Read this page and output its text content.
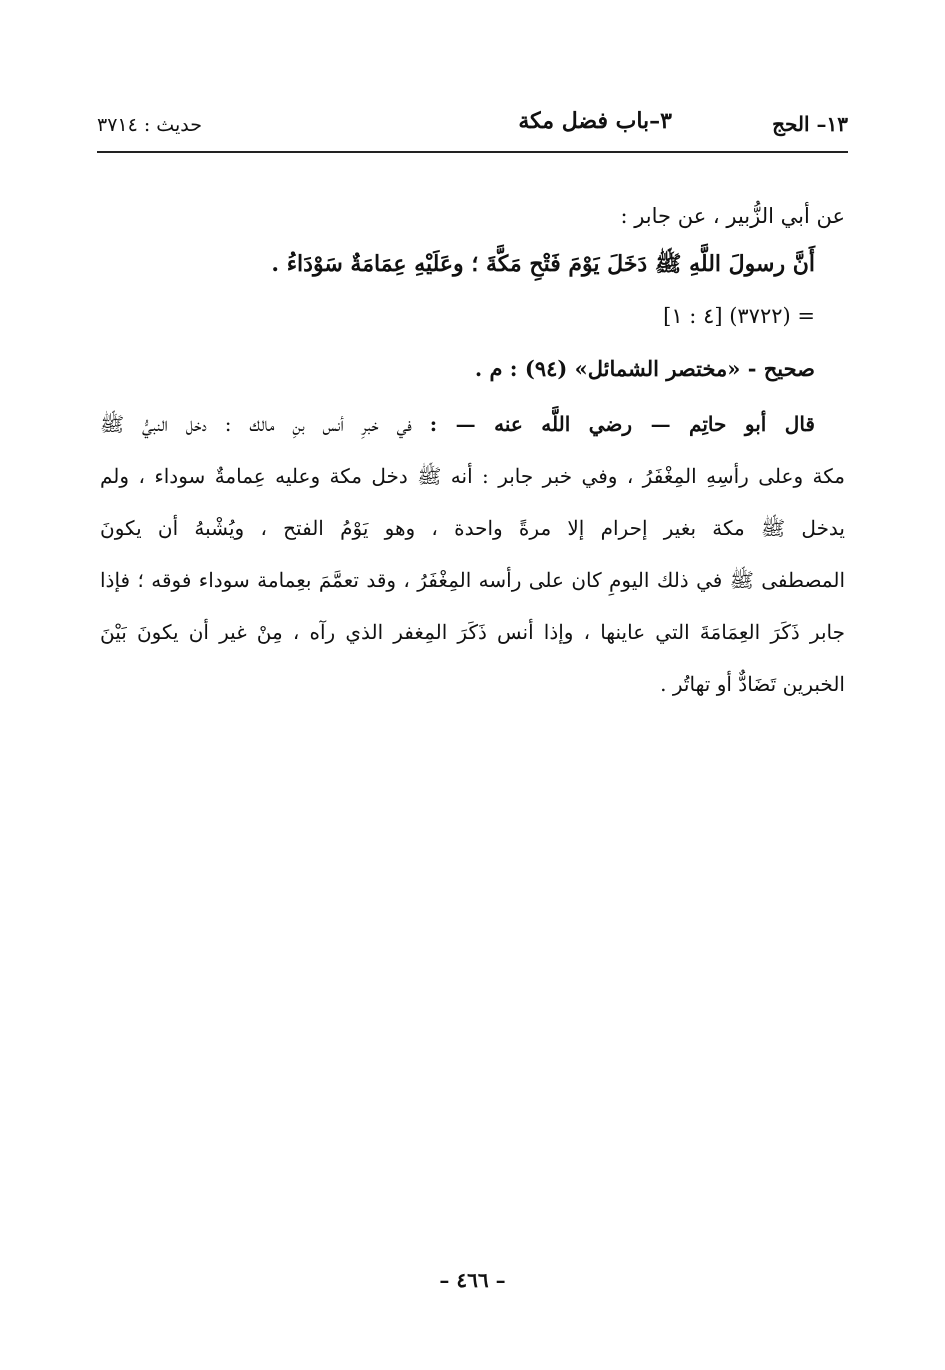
١٣– الحج
٣–باب فضل مكة
حديث : ٣٧١٤
عن أبي الزُّبير ، عن جابر :
أَنَّ رسولَ اللَّهِ ﷺ دَخَلَ يَوْمَ فَتْحِ مَكَّةَ ؛ وعَلَيْهِ عِمَامَةٌ سَوْدَاءُ .
= (٣٧٢٢) [٤ : ١]
صحيح - «مختصر الشمائل» (٩٤) : م .
قال أبو حاتِم — رضي اللَّه عنه — : في خبرِ أنس بنِ مالك : دخل النبيُّ ﷺ
مكة وعلى رأسِهِ المِغْفَرُ ، وفي خبر جابر : أنه ﷺ دخل مكة وعليه عِمامةٌ سوداء ، ولم
يدخل ﷺ مكة بغير إحرام إلا مرةً واحدة ، وهو يَوْمُ الفتح ، ويُشْبهُ أن يكونَ
المصطفى ﷺ في ذلك اليومِ كان على رأسه المِغْفَرُ ، وقد تعمَّمَ بعِمامة سوداء فوقه ؛ فإذا
جابر ذَكَرَ العِمَامَةَ التي عاينها ، وإذا أنس ذَكَرَ المِغفر الذي رآه ، مِنْ غير أن يكونَ بَيْنَ
الخبرين تَضَادٌّ أو تهاتُر .
– ٤٦٦ –
